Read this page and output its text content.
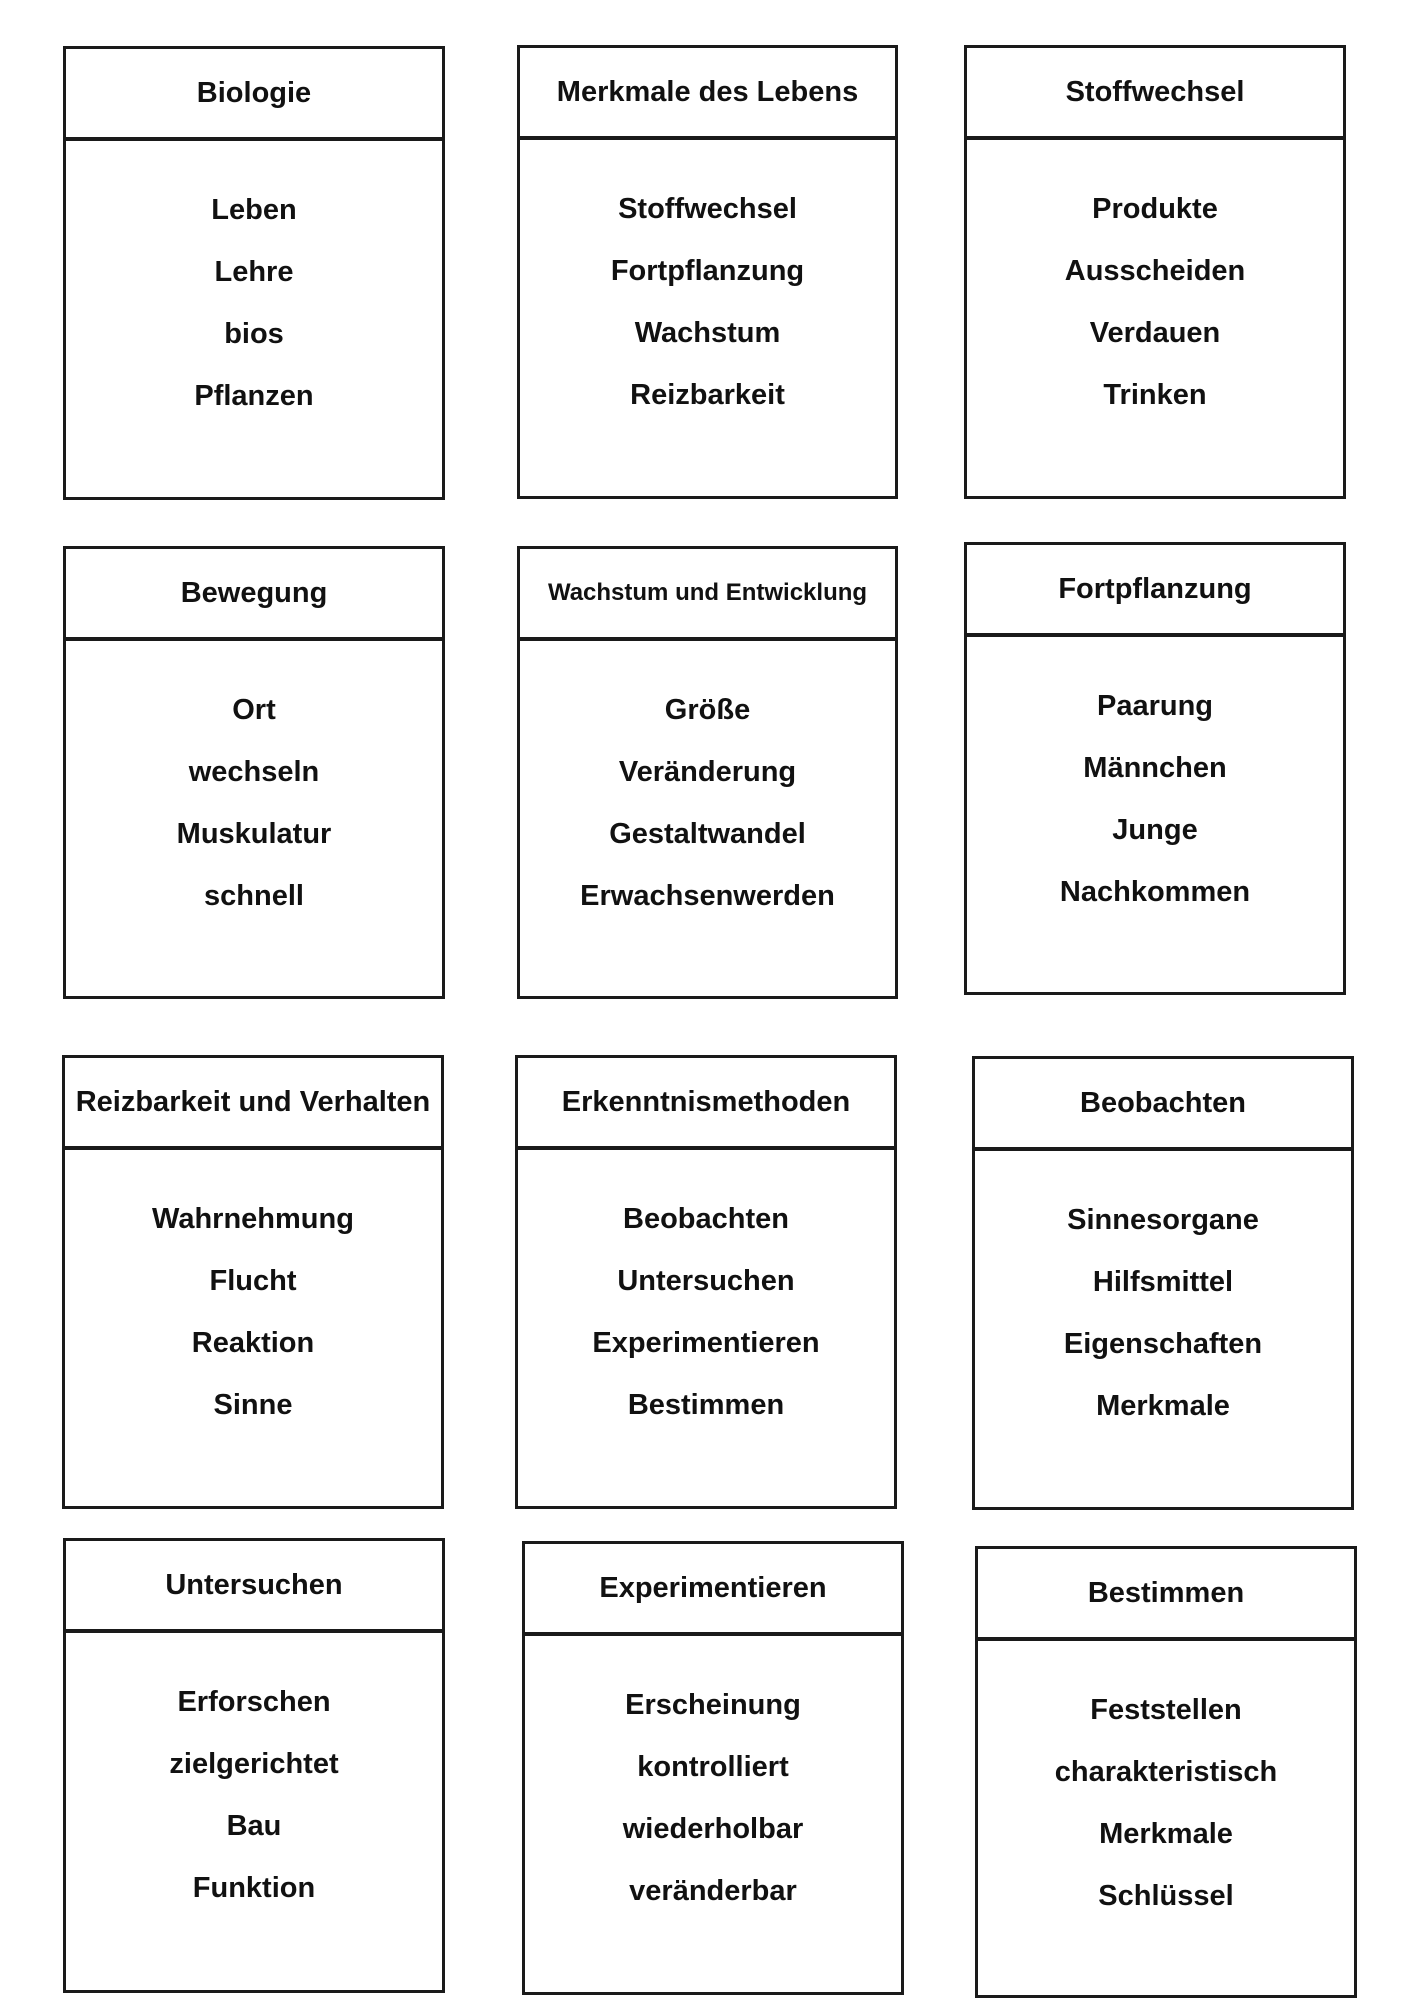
Biologie
Leben
Lehre
bios
Pflanzen
Merkmale des Lebens
Stoffwechsel
Fortpflanzung
Wachstum
Reizbarkeit
Stoffwechsel
Produkte
Ausscheiden
Verdauen
Trinken
Bewegung
Ort
wechseln
Muskulatur
schnell
Wachstum und Entwicklung
Größe
Veränderung
Gestaltwandel
Erwachsenwerden
Fortpflanzung
Paarung
Männchen
Junge
Nachkommen
Reizbarkeit und Verhalten
Wahrnehmung
Flucht
Reaktion
Sinne
Erkenntnismethoden
Beobachten
Untersuchen
Experimentieren
Bestimmen
Beobachten
Sinnesorgane
Hilfsmittel
Eigenschaften
Merkmale
Untersuchen
Erforschen
zielgerichtet
Bau
Funktion
Experimentieren
Erscheinung
kontrolliert
wiederholbar
veränderbar
Bestimmen
Feststellen
charakteristisch
Merkmale
Schlüssel
